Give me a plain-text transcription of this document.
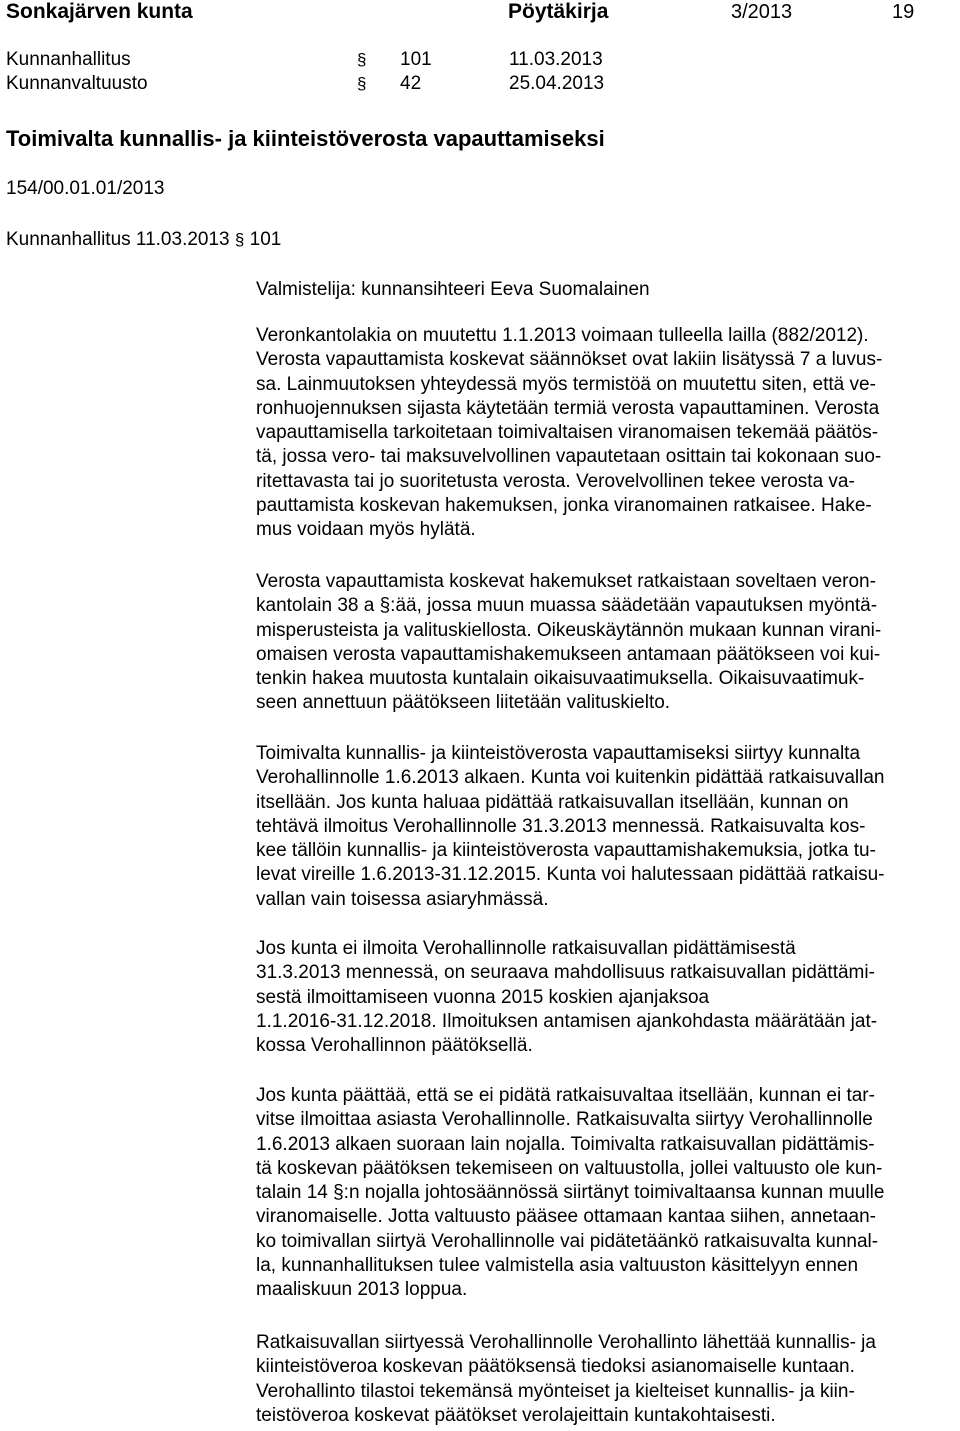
Sonkajärven kunta	Pöytäkirja	3/2013	19
Kunnanhallitus	§ 101	11.03.2013
Kunnanvaltuusto	§ 42	25.04.2013
Toimivalta kunnallis- ja kiinteistöverosta vapauttamiseksi
154/00.01.01/2013
Kunnanhallitus 11.03.2013 § 101
Valmistelija: kunnansihteeri Eeva Suomalainen
Veronkantolakia on muutettu 1.1.2013 voimaan tulleella lailla (882/2012).
Verosta vapauttamista koskevat säännökset ovat lakiin lisätyssä 7 a luvus-
sa. Lainmuutoksen yhteydessä myös termistöä on muutettu siten, että ve-
ronhuojennuksen sijasta käytetään termiä verosta vapauttaminen. Verosta
vapauttamisella tarkoitetaan toimivaltaisen viranomaisen tekemää päätös-
tä, jossa vero- tai maksuvelvollinen vapautetaan osittain tai kokonaan suo-
ritettavasta tai jo suoritetusta verosta. Verovelvollinen tekee verosta va-
pauttamista koskevan hakemuksen, jonka viranomainen ratkaisee. Hake-
mus voidaan myös hylätä.
Verosta vapauttamista koskevat hakemukset ratkaistaan soveltaen veron-
kantolain 38 a §:ää, jossa muun muassa säädetään vapautuksen myöntä-
misperusteista ja valituskiellosta. Oikeuskäytännön mukaan kunnan virani-
omaisen verosta vapauttamishakemukseen antamaan päätökseen voi kui-
tenkin hakea muutosta kuntalain oikaisuvaatimuksella. Oikaisuvaatimuk-
seen annettuun päätökseen liitetään valituskielto.
Toimivalta kunnallis- ja kiinteistöverosta vapauttamiseksi siirtyy kunnalta
Verohallinnolle 1.6.2013 alkaen. Kunta voi kuitenkin pidättää ratkaisuvallan
itsellään. Jos kunta haluaa pidättää ratkaisuvallan itsellään, kunnan on
tehtävä ilmoitus Verohallinnolle 31.3.2013 mennessä. Ratkaisuvalta kos-
kee tällöin kunnallis- ja kiinteistöverosta vapauttamishakemuksia, jotka tu-
levat vireille 1.6.2013-31.12.2015. Kunta voi halutessaan pidättää ratkaisu-
vallan vain toisessa asiaryhmässä.
Jos kunta ei ilmoita Verohallinnolle ratkaisuvallan pidättämisestä
31.3.2013 mennessä, on seuraava mahdollisuus ratkaisuvallan pidättämi-
sestä ilmoittamiseen vuonna 2015 koskien ajanjaksoa
1.1.2016-31.12.2018. Ilmoituksen antamisen ajankohdasta määrätään jat-
kossa Verohallinnon päätöksellä.
Jos kunta päättää, että se ei pidätä ratkaisuvaltaa itsellään, kunnan ei tar-
vitse ilmoittaa asiasta Verohallinnolle. Ratkaisuvalta siirtyy Verohallinnolle
1.6.2013 alkaen suoraan lain nojalla. Toimivalta ratkaisuvallan pidättämis-
tä koskevan päätöksen tekemiseen on valtuustolla, jollei valtuusto ole kun-
talain 14 §:n nojalla johtosäännössä siirtänyt toimivaltaansa kunnan muulle
viranomaiselle. Jotta valtuusto pääsee ottamaan kantaa siihen, annetaan-
ko toimivallan siirtyä Verohallinnolle vai pidätetäänkö ratkaisuvalta kunnal-
la, kunnanhallituksen tulee valmistella asia valtuuston käsittelyyn ennen
maaliskuun 2013 loppua.
Ratkaisuvallan siirtyessä Verohallinnolle Verohallinto lähettää kunnallis- ja
kiinteistöveroa koskevan päätöksensä tiedoksi asianomaiselle kuntaan.
Verohallinto tilastoi tekemänsä myönteiset ja kielteiset kunnallis- ja kiin-
teistöveroa koskevat päätökset verolajeittain kuntakohtaisesti.
